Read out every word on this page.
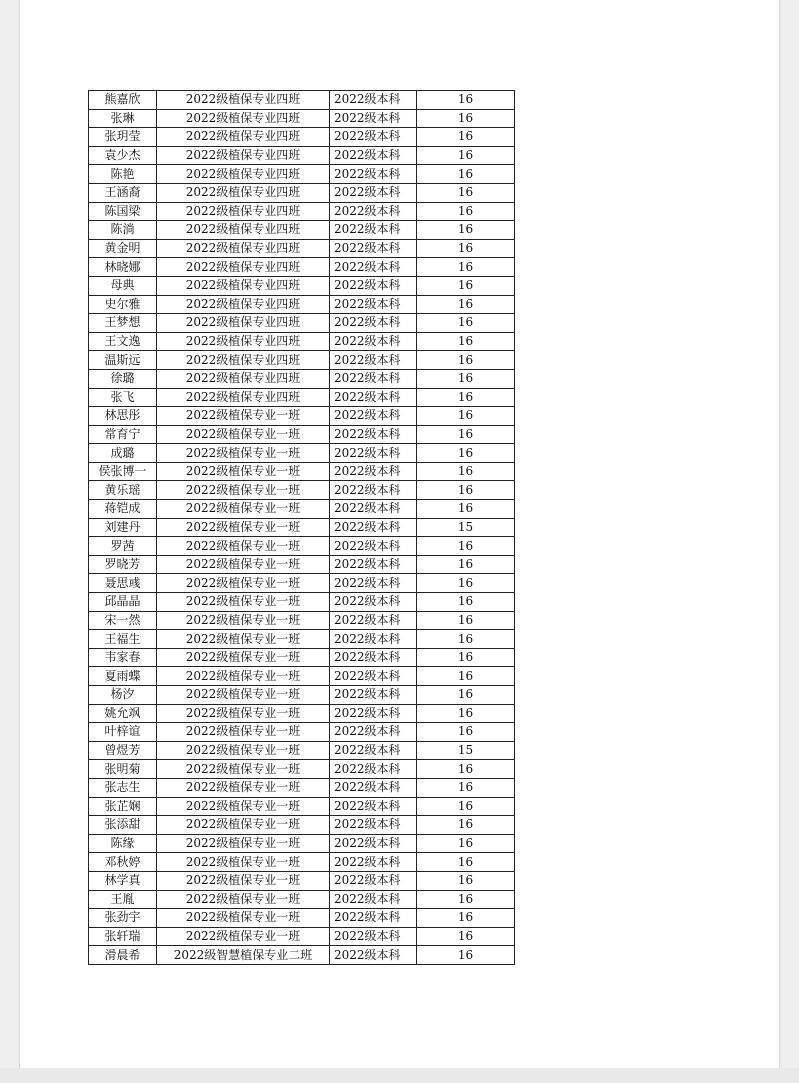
熊嘉欣	2022级植保专业四班	2022级本科	16
张琳	2022级植保专业四班	2022级本科	16
张玥莹	2022级植保专业四班	2022级本科	16
袁少杰	2022级植保专业四班	2022级本科	16
陈艳	2022级植保专业四班	2022级本科	16
王涵裔	2022级植保专业四班	2022级本科	16
陈国梁	2022级植保专业四班	2022级本科	16
陈淌	2022级植保专业四班	2022级本科	16
黄金明	2022级植保专业四班	2022级本科	16
林晓娜	2022级植保专业四班	2022级本科	16
母典	2022级植保专业四班	2022级本科	16
史尔雅	2022级植保专业四班	2022级本科	16
王梦想	2022级植保专业四班	2022级本科	16
王文逸	2022级植保专业四班	2022级本科	16
温斯远	2022级植保专业四班	2022级本科	16
徐璐	2022级植保专业四班	2022级本科	16
张飞	2022级植保专业四班	2022级本科	16
林思彤	2022级植保专业一班	2022级本科	16
常育宁	2022级植保专业一班	2022级本科	16
成璐	2022级植保专业一班	2022级本科	16
侯张博一	2022级植保专业一班	2022级本科	16
黄乐瑶	2022级植保专业一班	2022级本科	16
蒋铠成	2022级植保专业一班	2022级本科	16
刘建丹	2022级植保专业一班	2022级本科	15
罗茜	2022级植保专业一班	2022级本科	16
罗晓芳	2022级植保专业一班	2022级本科	16
聂思彧	2022级植保专业一班	2022级本科	16
邱晶晶	2022级植保专业一班	2022级本科	16
宋一然	2022级植保专业一班	2022级本科	16
王福生	2022级植保专业一班	2022级本科	16
韦家春	2022级植保专业一班	2022级本科	16
夏雨蝶	2022级植保专业一班	2022级本科	16
杨汐	2022级植保专业一班	2022级本科	16
姚允飒	2022级植保专业一班	2022级本科	16
叶梓谊	2022级植保专业一班	2022级本科	16
曾煜芳	2022级植保专业一班	2022级本科	15
张明菊	2022级植保专业一班	2022级本科	16
张志生	2022级植保专业一班	2022级本科	16
张芷娴	2022级植保专业一班	2022级本科	16
张添甜	2022级植保专业一班	2022级本科	16
陈缘	2022级植保专业一班	2022级本科	16
邓秋婷	2022级植保专业一班	2022级本科	16
林学真	2022级植保专业一班	2022级本科	16
王胤	2022级植保专业一班	2022级本科	16
张劲宇	2022级植保专业一班	2022级本科	16
张轩瑞	2022级植保专业一班	2022级本科	16
滑晨希	2022级智慧植保专业二班	2022级本科	16
